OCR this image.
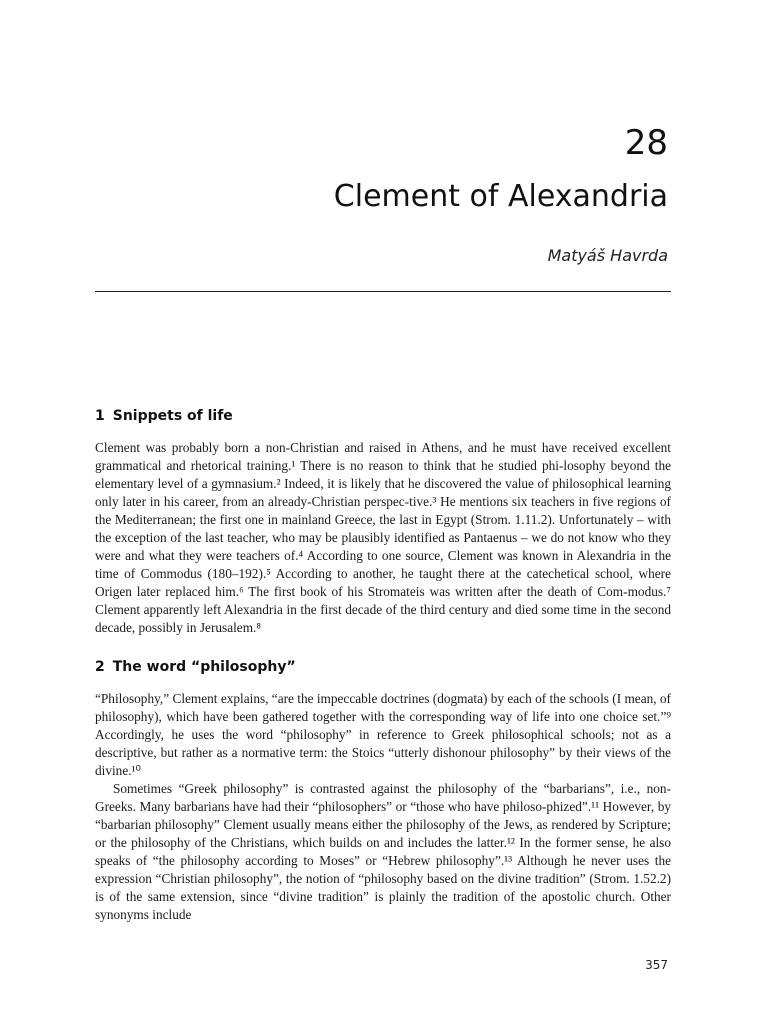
28
Clement of Alexandria
Matyáš Havrda
1 Snippets of life

Clement was probably born a non-Christian and raised in Athens, and he must have received excellent grammatical and rhetorical training.¹ There is no reason to think that he studied phi-losophy beyond the elementary level of a gymnasium.² Indeed, it is likely that he discovered the value of philosophical learning only later in his career, from an already-Christian perspec-tive.³ He mentions six teachers in five regions of the Mediterranean; the first one in mainland Greece, the last in Egypt (Strom. 1.11.2). Unfortunately – with the exception of the last teacher, who may be plausibly identified as Pantaenus – we do not know who they were and what they were teachers of.⁴ According to one source, Clement was known in Alexandria in the time of Commodus (180–192).⁵ According to another, he taught there at the catechetical school, where Origen later replaced him.⁶ The first book of his Stromateis was written after the death of Com-modus.⁷ Clement apparently left Alexandria in the first decade of the third century and died some time in the second decade, possibly in Jerusalem.⁸

2 The word “philosophy”

“Philosophy,” Clement explains, “are the impeccable doctrines (dogmata) by each of the schools (I mean, of philosophy), which have been gathered together with the corresponding way of life into one choice set.”⁹ Accordingly, he uses the word “philosophy” in reference to Greek philosophical schools; not as a descriptive, but rather as a normative term: the Stoics “utterly dishonour philosophy” by their views of the divine.¹⁰

Sometimes “Greek philosophy” is contrasted against the philosophy of the “barbarians”, i.e., non-Greeks. Many barbarians have had their “philosophers” or “those who have philoso-phized”.¹¹ However, by “barbarian philosophy” Clement usually means either the philosophy of the Jews, as rendered by Scripture; or the philosophy of the Christians, which builds on and includes the latter.¹² In the former sense, he also speaks of “the philosophy according to Moses” or “Hebrew philosophy”.¹³ Although he never uses the expression “Christian philosophy”, the notion of “philosophy based on the divine tradition” (Strom. 1.52.2) is of the same extension, since “divine tradition” is plainly the tradition of the apostolic church. Other synonyms include

357
